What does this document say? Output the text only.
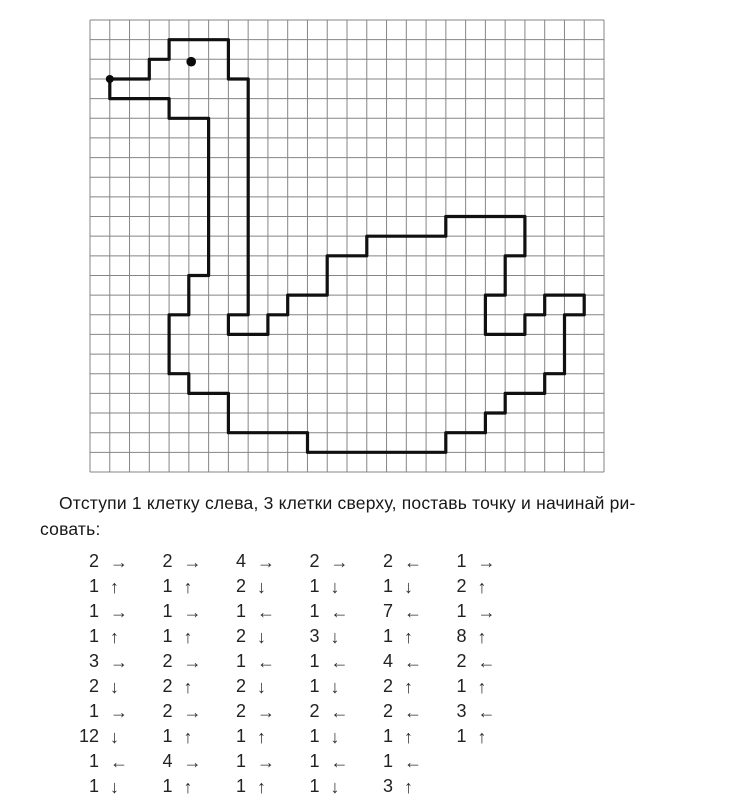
Отступи 1 клетку слева, 3 клетки сверху, поставь точку и начинай ри-
совать:

2 →
1 ↑
1 →
1 ↑
3 →
2 ↓
1 →
12 ↓
1 ←
1 ↓
2 →
1 ↑
1 →
1 ↑
2 →
2 ↑
2 →
1 ↑
4 →
1 ↑
4 →
2 ↓
1 ←
2 ↓
1 ←
2 ↓
2 →
1 ↑
1 →
1 ↑
2 →
1 ↓
1 ←
3 ↓
1 ←
1 ↓
2 ←
1 ↓
1 ←
1 ↓
2 ←
1 ↓
7 ←
1 ↑
4 ←
2 ↑
2 ←
1 ↑
1 ←
3 ↑
1 →
2 ↑
1 →
8 ↑
2 ←
1 ↑
3 ←
1 ↑
